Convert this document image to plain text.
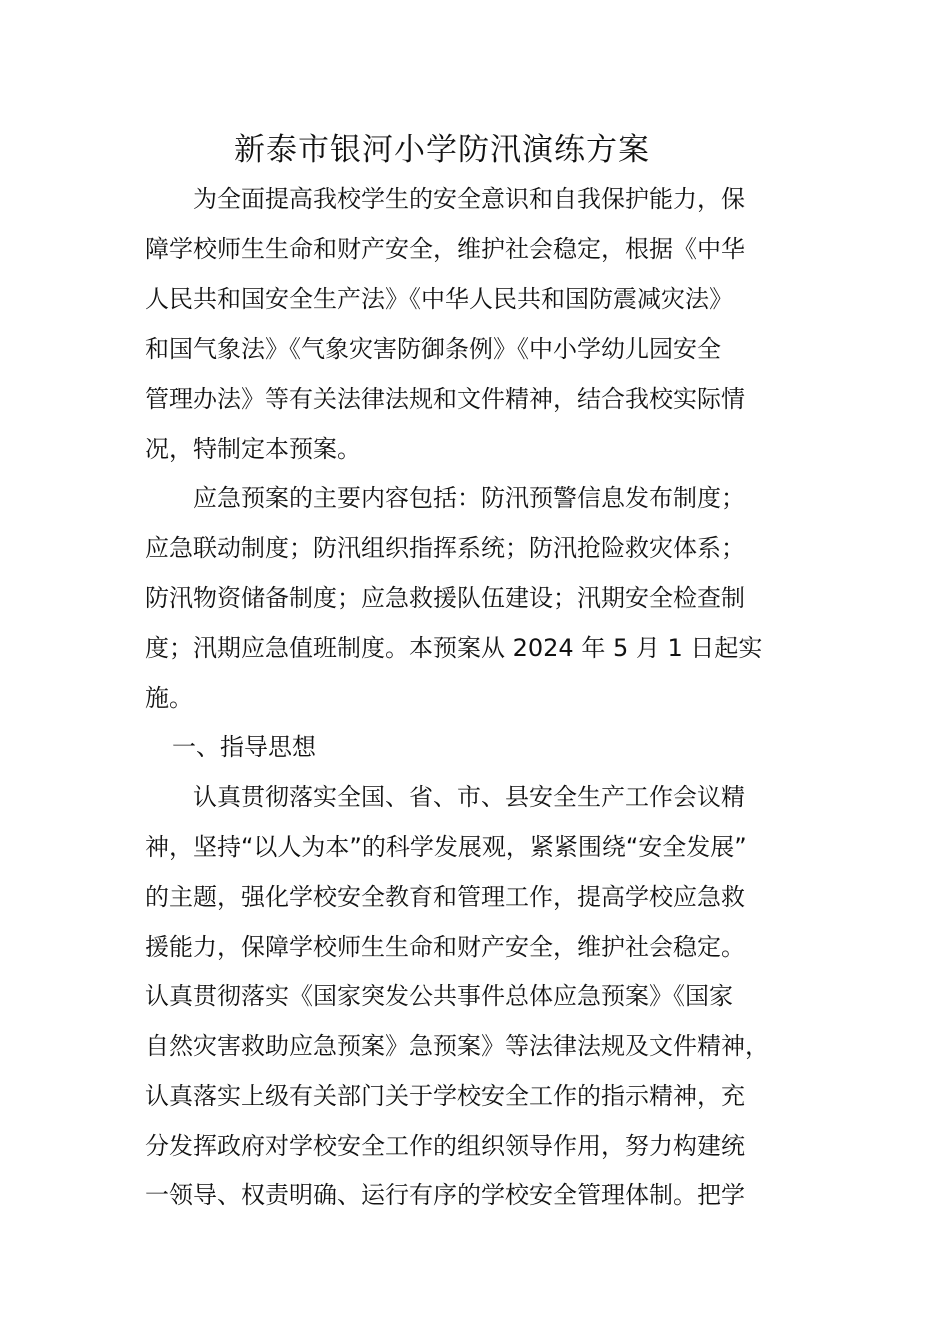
新泰市银河小学防汛演练方案

为全面提高我校学生的安全意识和自我保护能力，保

障学校师生生命和财产安全，维护社会稳定，根据《中华

人民共和国安全生产法》《中华人民共和国防震减灾法》

和国气象法》《气象灾害防御条例》《中小学幼儿园安全

管理办法》等有关法律法规和文件精神，结合我校实际情

况，特制定本预案。

应急预案的主要内容包括：防汛预警信息发布制度；

应急联动制度；防汛组织指挥系统；防汛抢险救灾体系；

防汛物资储备制度；应急救援队伍建设；汛期安全检查制

度；汛期应急值班制度。本预案从 2024 年 5 月 1 日起实

施。

一、指导思想

认真贯彻落实全国、省、市、县安全生产工作会议精

神，坚持“以人为本”的科学发展观，紧紧围绕“安全发展”

的主题，强化学校安全教育和管理工作，提高学校应急救

援能力，保障学校师生生命和财产安全，维护社会稳定。

认真贯彻落实《国家突发公共事件总体应急预案》《国家

自然灾害救助应急预案》急预案》等法律法规及文件精神，

认真落实上级有关部门关于学校安全工作的指示精神，充

分发挥政府对学校安全工作的组织领导作用，努力构建统

一领导、权责明确、运行有序的学校安全管理体制。把学
